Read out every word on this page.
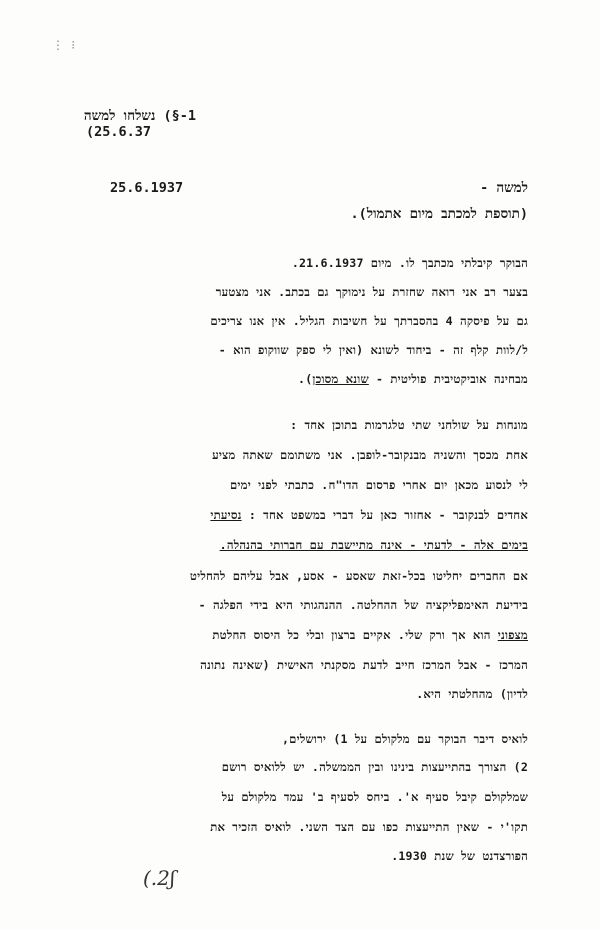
⋮ ⁝
1-§) נשלחו למשה
(25.6.37
25.6.1937	למשה -
(תוספת למכתב מיום אתמול).
הבוקר קיבלתי מכתבך לו. מיום 21.6.1937.
בצער רב אני רואה שחזרת על נימוקך גם בכתב. אני מצטער
גם על פיסקה 4 בהסברתך על חשיבות הגליל. אין אנו צריכים
ל/לוות קלף זה - ביחוד לשונא (ואין לי ספק שווקופ הוא -
מבחינה אוביקטיבית פוליטית - שונא מסוכן).
מונחות על שולחני שתי טלגרמות בתוכן אחד :
אחת מכסך והשניה מבנקובר-לופבן. אני משתומם שאתה מציע
לי לנסוע מכאן יום אחרי פרסום הדו"ח. כתבתי לפני ימים
אחדים לבנקובר - אחזור כאן על דברי במשפט אחד : נסיעתי
בימים אלה - לדעתי - אינה מתיישבת עם חברותי בהנהלה.
אם החברים יחליטו בכל-זאת שאסע - אסע, אבל עליהם להחליט
בידיעת האימפליקציה של ההחלטה. ההנהגותי היא בידי הפלגה -
מצפוני הוא אך ורק שלי. אקיים ברצון ובלי כל היסוס החלטת
המרכז - אבל המרכז חייב לדעת מסקנתי האישית (שאינה נתונה
לדיון) מהחלטתי היא.
לואיס דיבר הבוקר עם מלקולם על 1) ירושלים,
2) הצורך בהתייעצות בינינו ובין הממשלה. יש ללואיס רושם
שמלקולם קיבל סעיף א'. ביחס לסעיף ב' עמד מלקולם על
תקו'י - שאין התייעצות כפו עם הצד השני. לואיס הזכיר את
הפורצדנט של שנת 1930.
(.2ʃ
